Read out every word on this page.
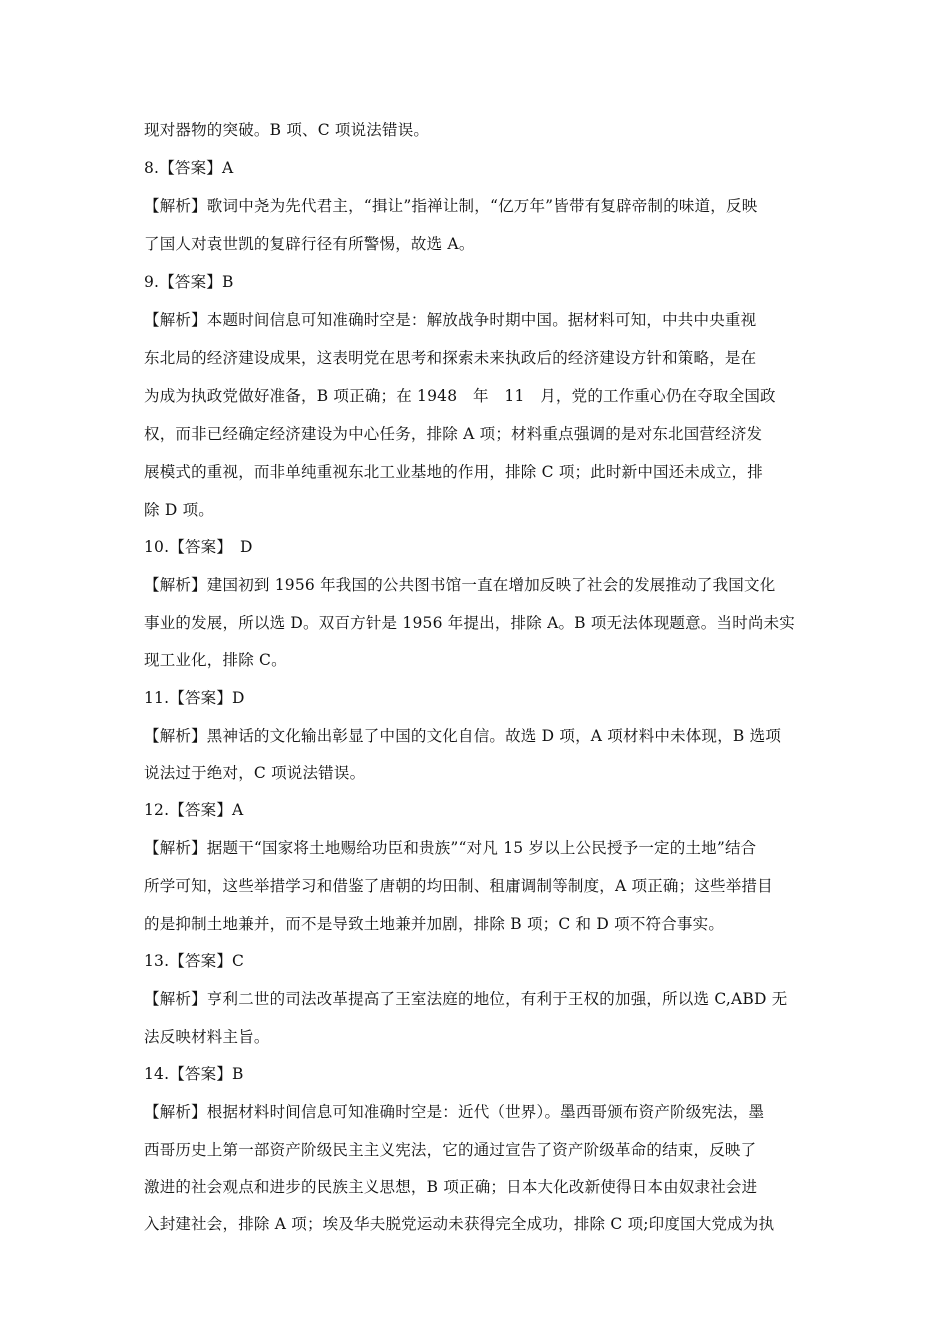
现对器物的突破。B 项、C 项说法错误。
8.【答案】A
【解析】歌词中尧为先代君主，“揖让”指禅让制，“亿万年”皆带有复辟帝制的味道，反映
了国人对袁世凯的复辟行径有所警惕，故选 A。
9.【答案】B
【解析】本题时间信息可知准确时空是：解放战争时期中国。据材料可知，中共中央重视
东北局的经济建设成果，这表明党在思考和探索未来执政后的经济建设方针和策略，是在
为成为执政党做好准备，B 项正确；在 1948　年　11　月，党的工作重心仍在夺取全国政
权，而非已经确定经济建设为中心任务，排除 A 项；材料重点强调的是对东北国营经济发
展模式的重视，而非单纯重视东北工业基地的作用，排除 C 项；此时新中国还未成立，排
除 D 项。
10.【答案】　D
【解析】建国初到 1956 年我国的公共图书馆一直在增加反映了社会的发展推动了我国文化
事业的发展，所以选 D。双百方针是 1956 年提出，排除 A。B 项无法体现题意。当时尚未实
现工业化，排除 C。
11.【答案】D
【解析】黑神话的文化输出彰显了中国的文化自信。故选 D 项，A 项材料中未体现，B 选项
说法过于绝对，C 项说法错误。
12.【答案】A
【解析】据题干“国家将土地赐给功臣和贵族”“对凡 15 岁以上公民授予一定的土地”结合
所学可知，这些举措学习和借鉴了唐朝的均田制、租庸调制等制度，A 项正确；这些举措目
的是抑制土地兼并，而不是导致土地兼并加剧，排除 B 项；C 和 D 项不符合事实。
13.【答案】C
【解析】亨利二世的司法改革提高了王室法庭的地位，有利于王权的加强，所以选 C,ABD 无
法反映材料主旨。
14.【答案】B
【解析】根据材料时间信息可知准确时空是：近代（世界）。墨西哥颁布资产阶级宪法，墨
西哥历史上第一部资产阶级民主主义宪法，它的通过宣告了资产阶级革命的结束，反映了
激进的社会观点和进步的民族主义思想，B 项正确；日本大化改新使得日本由奴隶社会进
入封建社会，排除 A 项；埃及华夫脱党运动未获得完全成功，排除 C 项;印度国大党成为执
